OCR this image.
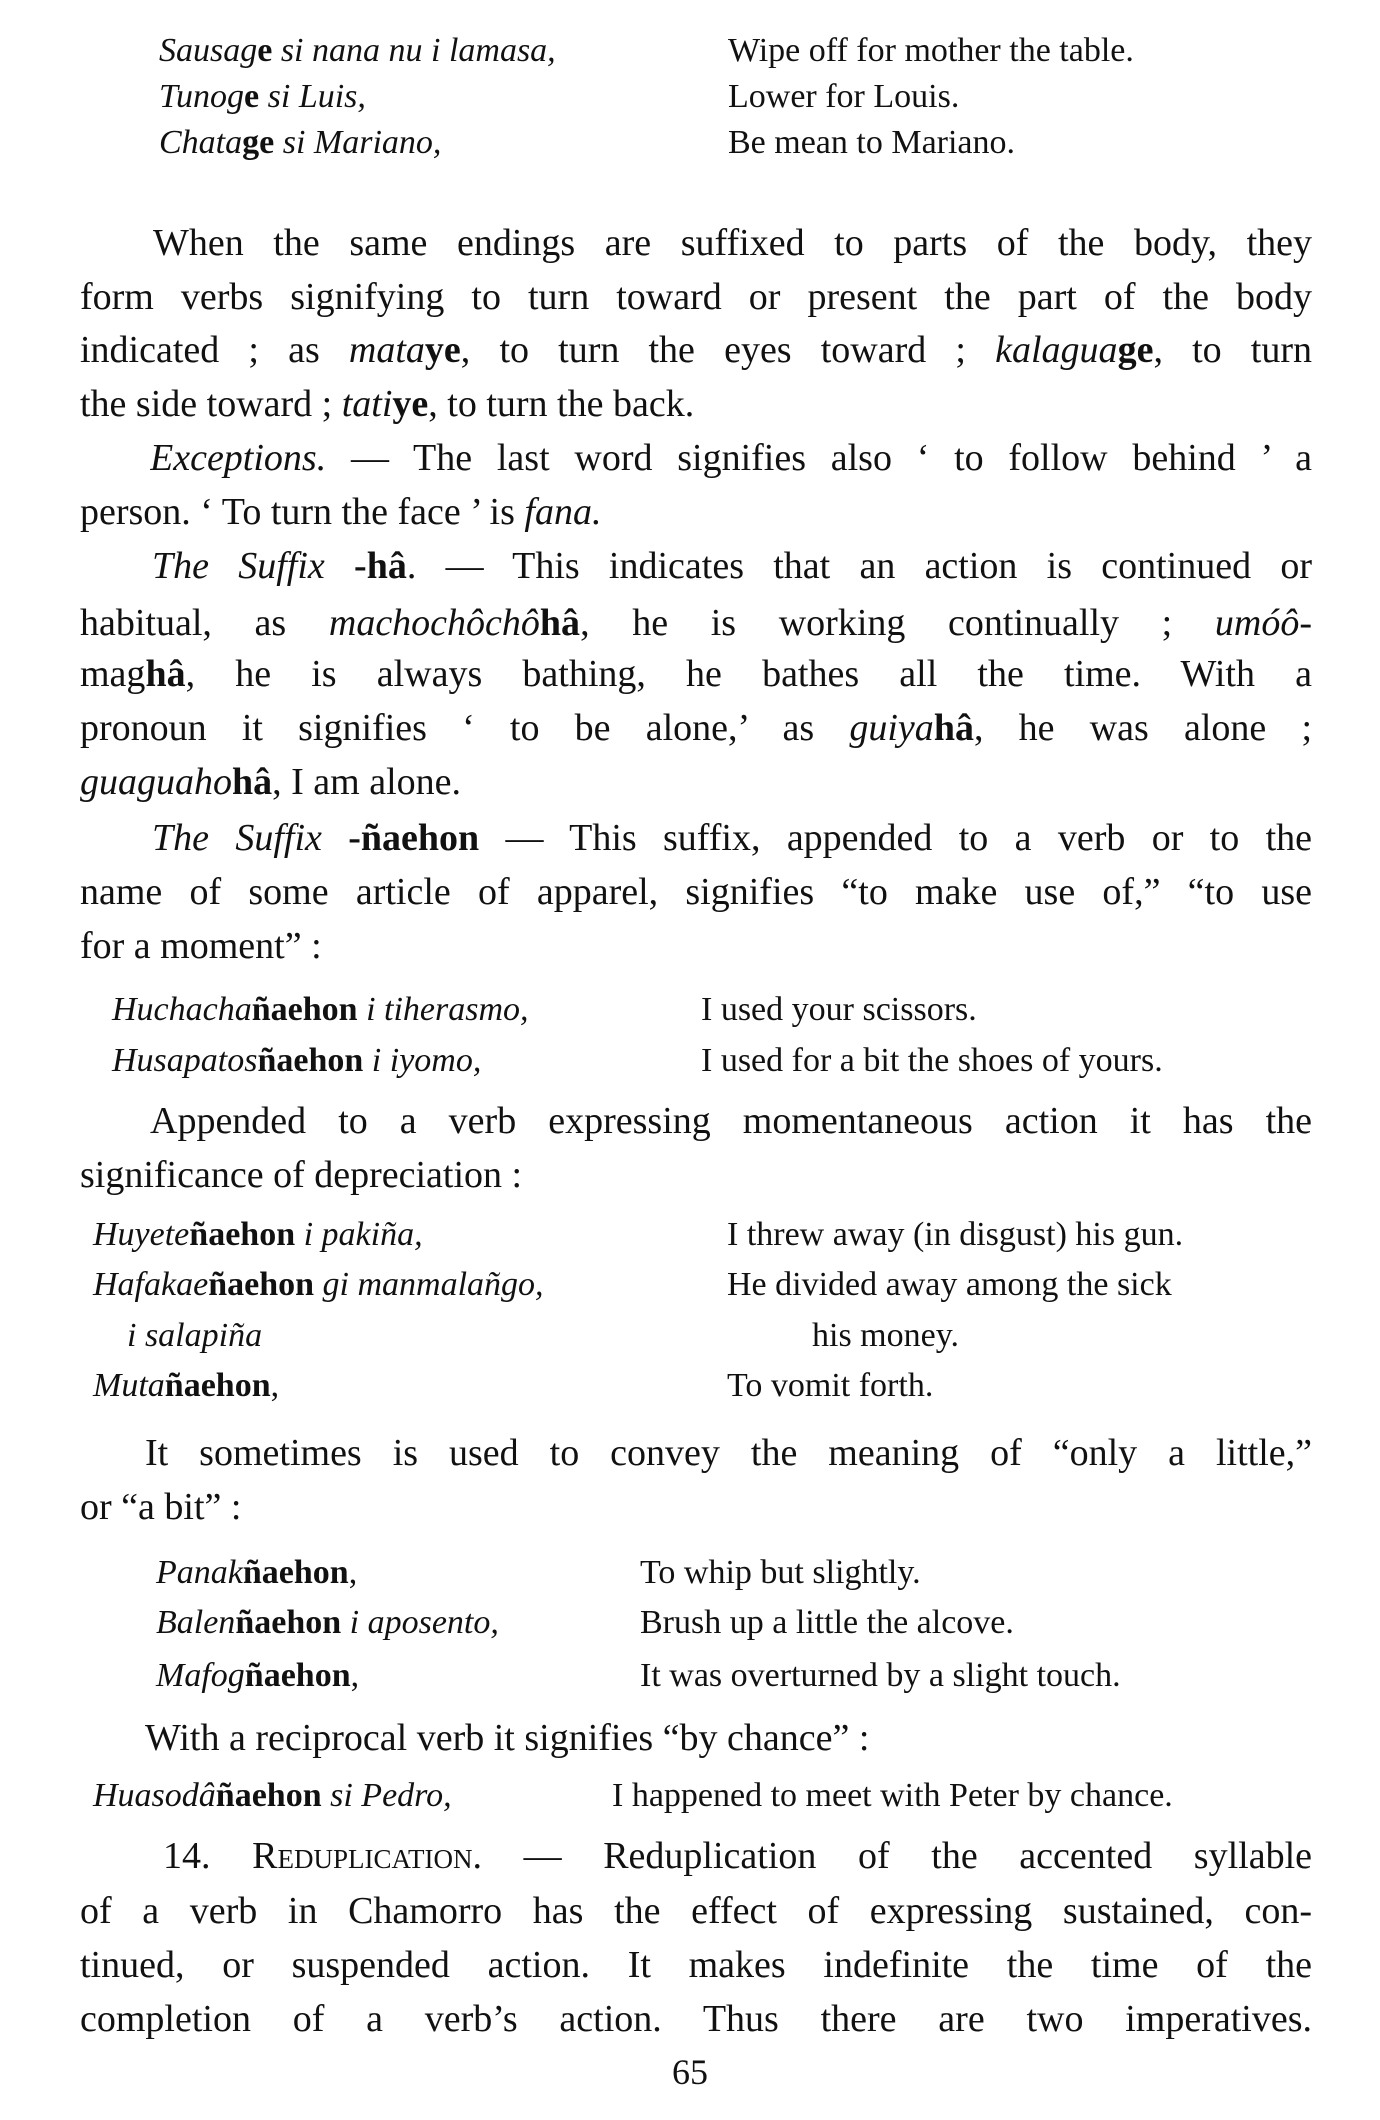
Sausage si nana nu i lamasa,	Wipe off for mother the table.
Tunoge si Luis,	Lower for Louis.
Chatage si Mariano,	Be mean to Mariano.
When the same endings are suffixed to parts of the body, they
form verbs signifying to turn toward or present the part of the body
indicated ; as mataye, to turn the eyes toward ; kalaguage, to turn
the side toward ; tatiye, to turn the back.
Exceptions. — The last word signifies also ‘ to follow behind ’ a
person. ‘ To turn the face ’ is fana.
The Suffix -hâ. — This indicates that an action is continued or
habitual, as machochôchôhâ, he is working continually ; umóô-
maghâ, he is always bathing, he bathes all the time. With a
pronoun it signifies ‘ to be alone,’ as guiyahâ, he was alone ;
guaguahohâ, I am alone.
The Suffix -ñaehon — This suffix, appended to a verb or to the
name of some article of apparel, signifies “to make use of,” “to use
for a moment” :
Huchachañaehon i tiherasmo,	I used your scissors.
Husapatosñaehon i iyomo,	I used for a bit the shoes of yours.
Appended to a verb expressing momentaneous action it has the
significance of depreciation :
Huyeteñaehon i pakiña,	I threw away (in disgust) his gun.
Hafakaeñaehon gi manmalañgo,	He divided away among the sick
i salapiña	his money.
Mutañaehon,	To vomit forth.
It sometimes is used to convey the meaning of “only a little,”
or “a bit” :
Panakñaehon,	To whip but slightly.
Balenñaehon i aposento,	Brush up a little the alcove.
Mafogñaehon,	It was overturned by a slight touch.
With a reciprocal verb it signifies “by chance” :
Huasodâñaehon si Pedro,	I happened to meet with Peter by chance.
14. Reduplication. — Reduplication of the accented syllable
of a verb in Chamorro has the effect of expressing sustained, con-
tinued, or suspended action. It makes indefinite the time of the
completion of a verb’s action. Thus there are two imperatives.
65
